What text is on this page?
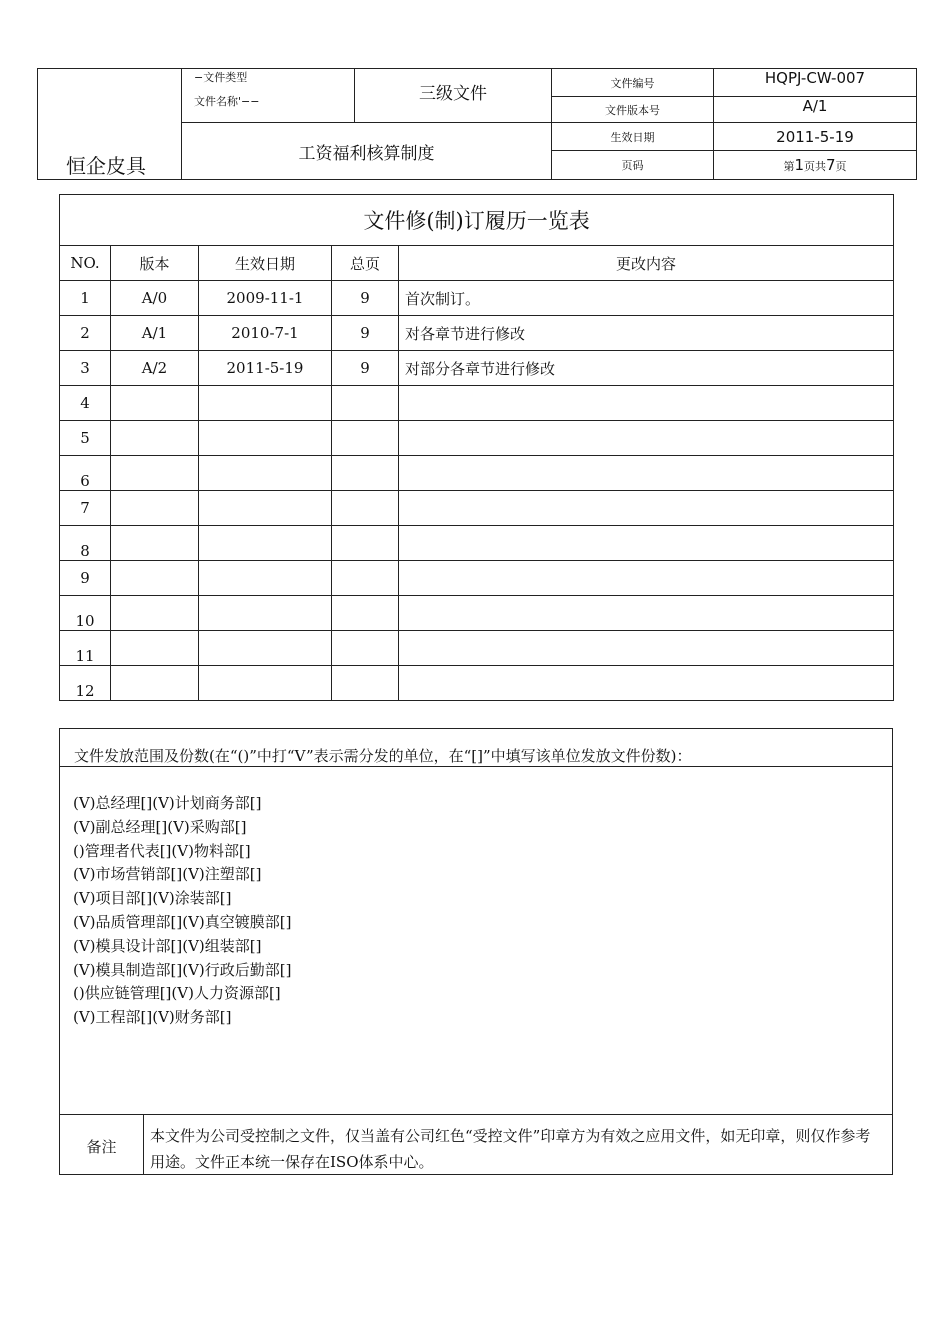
恒企皮具	−文件类型
文件名称'−−	三级文件	文件编号	HQPJ-CW-007
			文件版本号	A/1
	工资福利核算制度		生效日期	2011-5-19
			页码	第1页共7页
文件修(制)订履历一览表				
NO.	版本	生效日期	总页	更改内容
1	A/0	2009-11-1	9	首次制订。
2	A/1	2010-7-1	9	对各章节进行修改
3	A/2	2011-5-19	9	对部分各章节进行修改
4				
5				
6				
7				
8				
9				
10				
11				
12				
文件发放范围及份数(在“()”中打“V”表示需分发的单位，在“[]”中填写该单位发放文件份数)：
(V)总经理[](V)计划商务部[]
(V)副总经理[](V)采购部[]
()管理者代表[](V)物料部[]
(V)市场营销部[](V)注塑部[]
(V)项目部[](V)涂装部[]
(V)品质管理部[](V)真空镀膜部[]
(V)模具设计部[](V)组装部[]
(V)模具制造部[](V)行政后勤部[]
()供应链管理[](V)人力资源部[]
(V)工程部[](V)财务部[]
备注
本文件为公司受控制之文件，仅当盖有公司红色“受控文件”印章方为有效之应用文件，如无印章，则仅作参考用途。文件正本统一保存在ISO体系中心。
